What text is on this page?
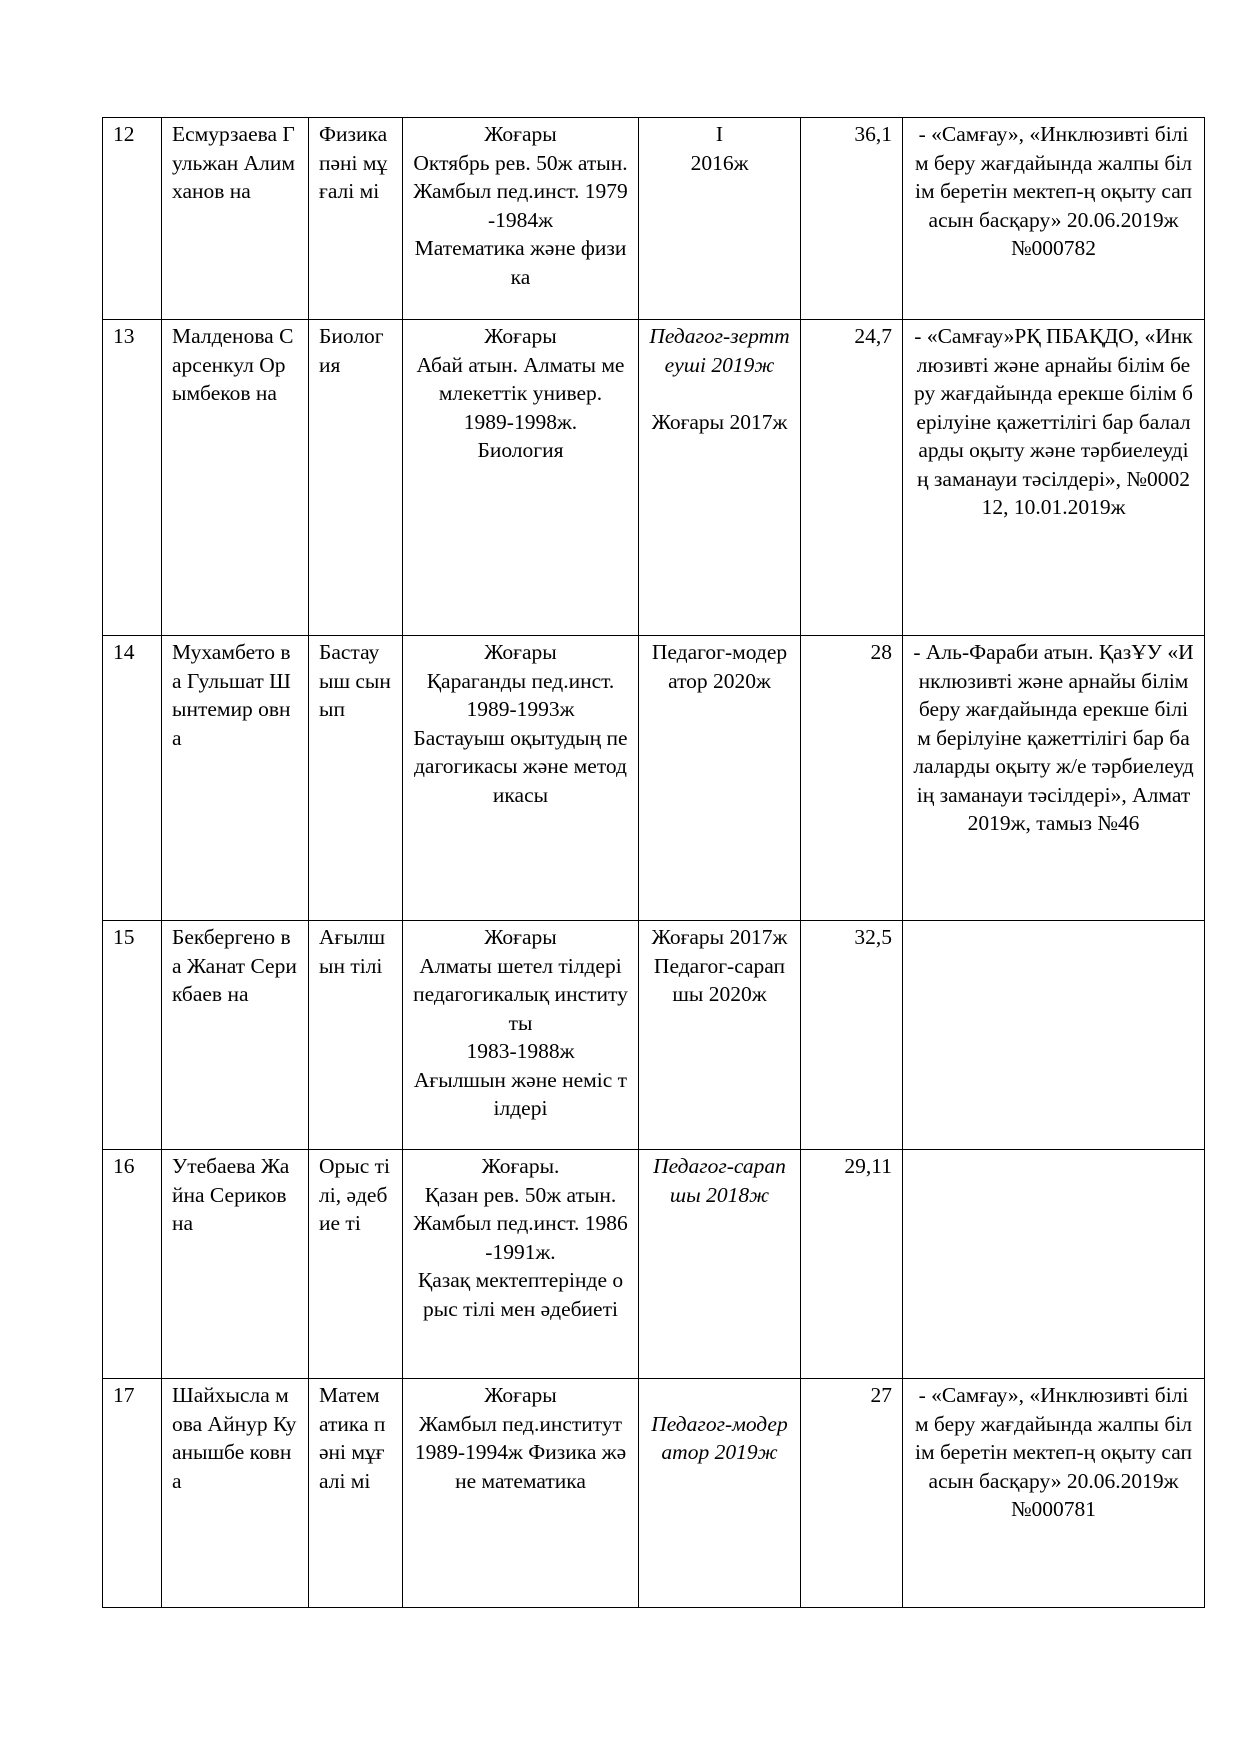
12	Есмурзаева Гульжан Алимханов на	Физика пәні мұғалі мі	Жоғары
Октябрь рев. 50ж атын. Жамбыл пед.инст. 1979-1984ж
Математика және физика	I
2016ж	36,1	- «Самғау», «Инклюзивті білім беру жағдайында жалпы білім беретін мектеп-ң оқыту сапасын басқару» 20.06.2019ж №000782
13	Малденова Сарсенкул Орымбеков на	Биолог ия	Жоғары
Абай атын. Алматы мемлекеттік универ.
1989-1998ж.
Биология	Педагог-зерттеуші 2019ж
Жоғары 2017ж	24,7	- «Самғау»РҚ ПБАҚДО, «Инклюзивті және арнайы білім беру жағдайында ерекше білім берілуіне қажеттілігі бар балаларды оқыту және тәрбиелеудің заманауи тәсілдері», №000212, 10.01.2019ж
14	Мухамбето ва Гульшат Шынтемир овна	Бастау ыш сынып	Жоғары
Қараганды пед.инст.
1989-1993ж
Бастауыш оқытудың педагогикасы және методикасы	Педагог-модератор 2020ж	28	- Аль-Фараби атын. ҚазҰУ «Инклюзивті және арнайы білім беру жағдайында ерекше білім берілуіне қажеттілігі бар балаларды оқыту ж/е тәрбиелеудің заманауи тәсілдері», Алмат 2019ж, тамыз №46
15	Бекбергено ва Жанат Серикбаев на	Ағылш ын тілі	Жоғары
Алматы шетел тілдері педагогикалық институты
1983-1988ж
Ағылшын және неміс тілдері	Жоғары 2017ж
Педагог-сарапшы 2020ж	32,5	
16	Утебаева Жайна Сериковна	Орыс тілі, әдебие ті	Жоғары.
Қазан рев. 50ж атын. Жамбыл пед.инст. 1986-1991ж.
Қазақ мектептерінде орыс тілі мен әдебиеті	Педагог-сарапшы 2018ж	29,11	
17	Шайхысла мова Айнур Куанышбе ковна	Матем атика пәні мұғалі мі	Жоғары
Жамбыл пед.институт 1989-1994ж Физика және математика	Педагог-модератор 2019ж	27	- «Самғау», «Инклюзивті білім беру жағдайында жалпы білім беретін мектеп-ң оқыту сапасын басқару» 20.06.2019ж №000781
